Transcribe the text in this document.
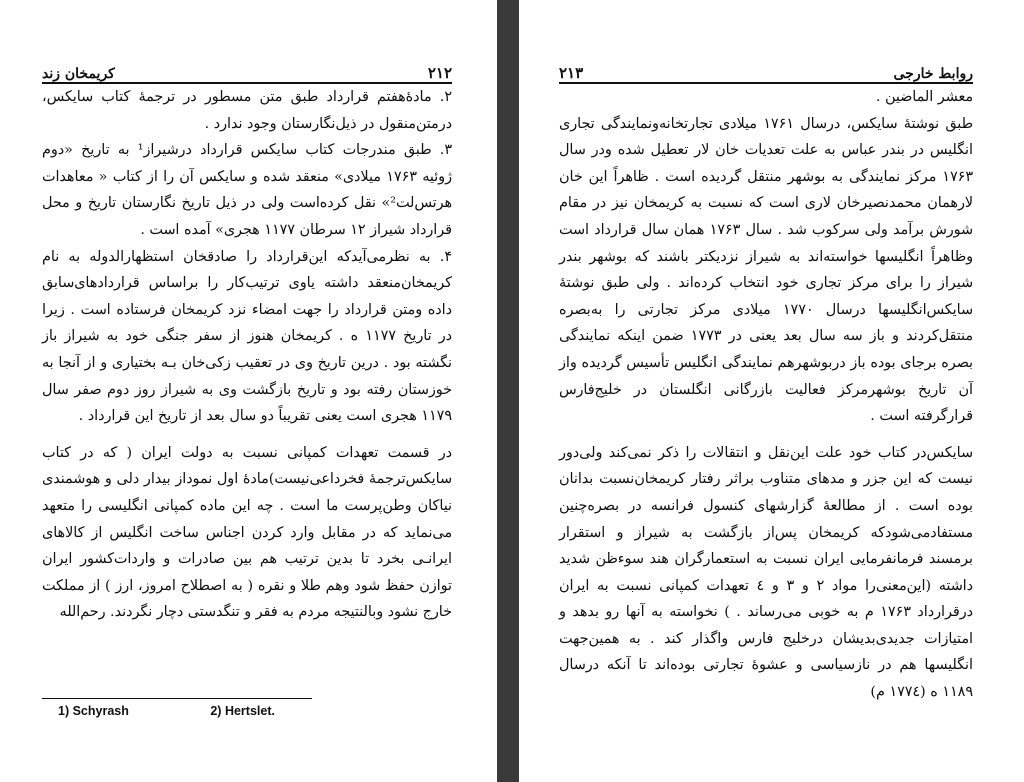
۲۱۲
کریمخان زند

۲. مادۀهفتم قرارداد طبق متن مسطور در ترجمۀ کتاب سایکس، درمتن‌منقول در ذیل‌نگارستان وجود ندارد .

۳. طبق مندرجات کتاب سایکس قرارداد درشیراز¹ به تاریخ «دوم ژوئیه ۱۷۶۳ میلادی» منعقد شده و سایکس آن را از کتاب « معاهدات هرتس‌لت²» نقل کرده‌است ولی در ذیل تاریخ نگارستان تاریخ و محل قرارداد شیراز ۱۲ سرطان ۱۱۷۷ هجری» آمده است .

۴. به نظرمی‌آیدکه این‌قرارداد را صادقخان استظهارالدوله به نام کریمخان‌منعقد داشته یاوی ترتیب‌کار را براساس قراردادهای‌سابق داده ومتن قرارداد را جهت امضاء نزد کریمخان فرستاده است . زیرا در تاریخ ۱۱۷۷ ه . کریمخان هنوز از سفر جنگی خود به شیراز باز نگشته بود . درین تاریخ وی در تعقیب زکی‌خان بـه بختیاری و از آنجا به خوزستان رفته بود و تاریخ بازگشت وی به شیراز روز دوم صفر سال ۱۱۷۹ هجری است یعنی تقریباً دو سال بعد از تاریخ این قرارداد .

در قسمت تعهدات کمپانی نسبت به دولت ایران ( که در کتاب سایکس‌ترجمۀ فخرداعی‌نیست)مادۀ اول نموداز بیدار دلی و هوشمندی نیاکان وطن‌پرست ما است . چه این ماده کمپانی انگلیسی را متعهد می‌نماید که در مقابل وارد کردن اجناس ساخت انگلیس از کالاهای ایرانـی بخرد تا بدین ترتیب هم بین صادرات و واردات‌کشور ایران توازن حفظ شود وهم طلا و نقره ( به اصطلاح امروز، ارز ) از مملکت خارج نشود وبالنتیجه مردم به فقر و تنگدستی دچار نگردند. رحم‌الله

1) Schyrash	2) Hertslet.
روابط خارجی
۲۱۳

معشر الماضین .

طبق نوشتۀ سایکس، درسال ۱۷۶۱ میلادی تجارتخانه‌ونمایندگی تجاری انگلیس در بندر عباس به علت تعدیات خان لار تعطیل شده ودر سال ۱۷۶۳ مرکز نمایندگی به بوشهر منتقل گردیده است . ظاهراً این خان لارهمان محمدنصیرخان لاری است که نسبت به کریمخان نیز در مقام شورش برآمد ولی سرکوب شد . سال ۱۷۶۳ همان سال قرارداد است وظاهراً انگلیسها خواسته‌اند به شیراز نزدیکتر باشند که بوشهر بندر شیراز را برای مرکز تجاری خود انتخاب کرده‌اند . ولی طبق نوشتۀ سایکس‌انگلیسها درسال ۱۷۷۰ میلادی مرکز تجارتی را به‌بصره منتقل‌کردند و باز سه سال بعد یعنی در ۱۷۷۳ ضمن اینکه نمایندگی بصره برجای بوده باز دربوشهرهم نمایندگی انگلیس تأسیس گردیده واز آن تاریخ بوشهرمرکز فعالیت بازرگانی انگلستان در خلیج‌فارس قرارگرفته است .

سایکس‌در کتاب خود علت این‌نقل و انتقالات را ذکر نمی‌کند ولی‌دور نیست که این جزر و مدهای متناوب براثر رفتار کریمخان‌نسبت بدانان بوده است . از مطالعۀ گزارشهای کنسول فرانسه در بصره‌چنین مستفادمی‌شودکه کریمخان پس‌از بازگشت به شیراز و استقرار برمسند فرمانفرمایی ایران نسبت به استعمارگران هند سوءظن شدید داشته (این‌معنی‌را مواد ۲ و ۳ و ٤ تعهدات کمپانی نسبت به ایران درقرارداد ۱۷۶۳ م به خوبی می‌رساند . ) نخواسته به آنها رو بدهد و امتیازات جدیدی‌بدیشان درخلیج فارس واگذار کند . به همین‌جهت انگلیسها هم در نازسیاسی و عشوۀ تجارتی بوده‌اند تا آنکه درسال ۱۱۸۹ ه (۱۷۷٤ م)
